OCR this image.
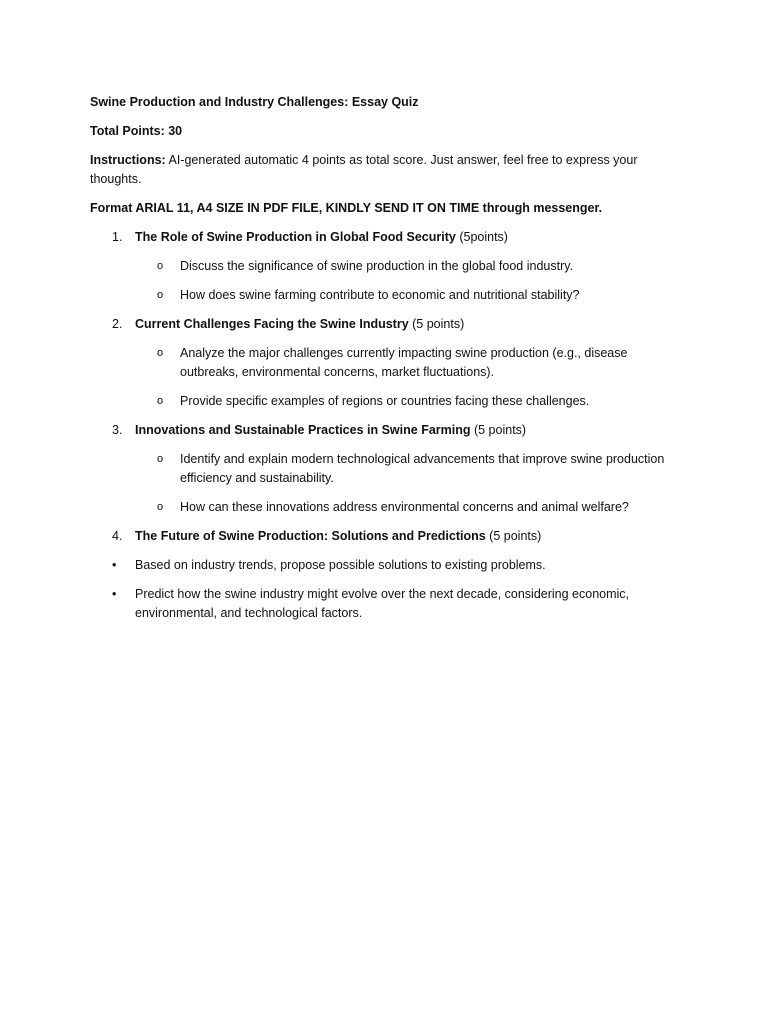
Swine Production and Industry Challenges: Essay Quiz

Total Points: 30

Instructions: AI-generated automatic 4 points as total score. Just answer, feel free to express your thoughts.

Format ARIAL 11, A4 SIZE IN PDF FILE, KINDLY SEND IT ON TIME through messenger.

1. The Role of Swine Production in Global Food Security (5points)
o Discuss the significance of swine production in the global food industry.
o How does swine farming contribute to economic and nutritional stability?
2. Current Challenges Facing the Swine Industry (5 points)
o Analyze the major challenges currently impacting swine production (e.g., disease outbreaks, environmental concerns, market fluctuations).
o Provide specific examples of regions or countries facing these challenges.
3. Innovations and Sustainable Practices in Swine Farming (5 points)
o Identify and explain modern technological advancements that improve swine production efficiency and sustainability.
o How can these innovations address environmental concerns and animal welfare?
4. The Future of Swine Production: Solutions and Predictions (5 points)
• Based on industry trends, propose possible solutions to existing problems.
• Predict how the swine industry might evolve over the next decade, considering economic, environmental, and technological factors.
